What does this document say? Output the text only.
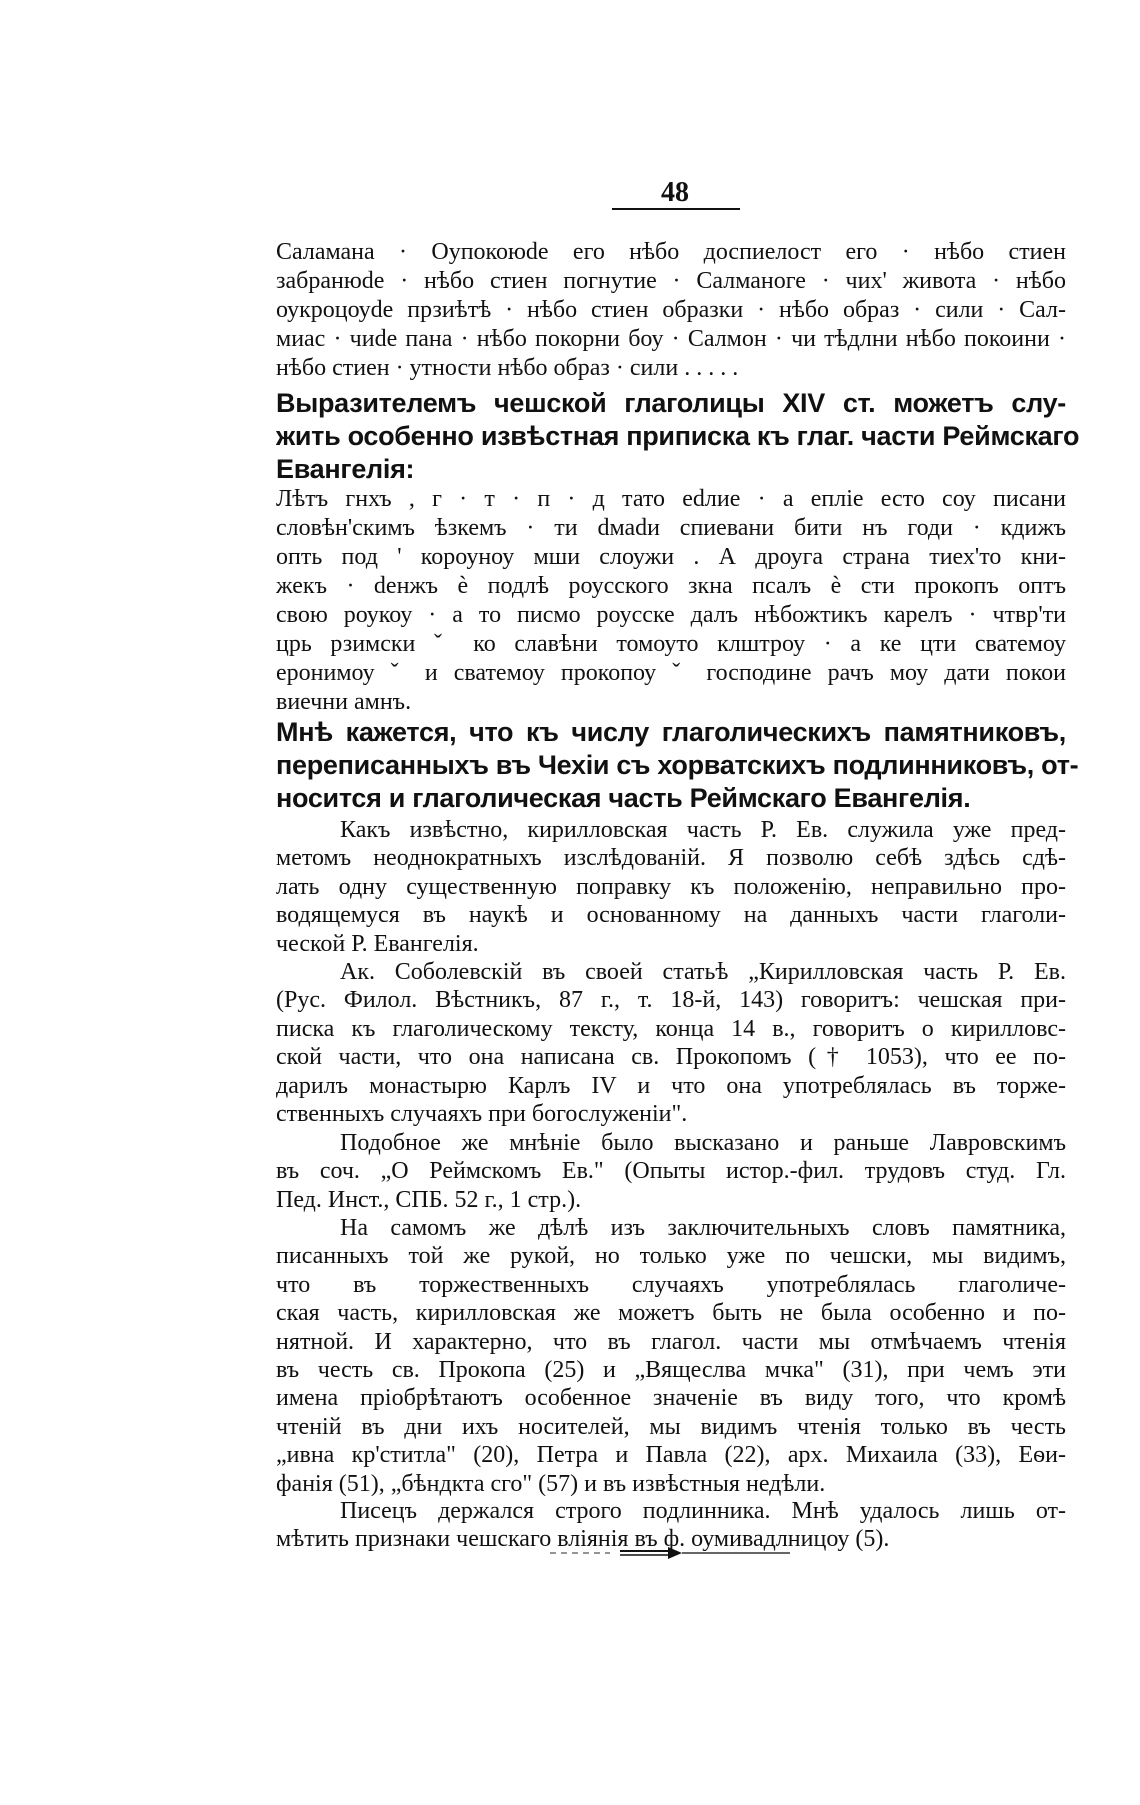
48
Саламана · Оупокоюdе его нѣбо доспиелост его · нѣбо стиен
забранюdе · нѣбо стиен погнутие · Салманоге · чих' живота · нѣбо
оукроцоуdе прзиѣтѣ · нѣбо стиен образки · нѣбо образ · сили · Сал-
миас · чиdе пана · нѣбо покорни боу · Салмон · чи тѣдлни нѣбо покоини ·
нѣбо стиен · утности нѣбо образ · сили . . . . .
Выразителемъ чешской глаголицы XIV ст. можетъ слу-
жить особенно извѣстная приписка къ глаг. части Реймскаго
Евангелія:
Лѣтъ гнхъ , г · т · п · д тато еdлие · а епліе есто соу писани
словѣн'скимъ ѣзкемъ · ти dмаdи спиевани бити нъ годи · кдижъ
опть под ' короуноу мши слоужи . А дроуга страна тиех'то кни-
жекъ · dенжъ ѐ подлѣ роусского зкна псалъ ѐ сти прокопъ оптъ
свою роукоу · а то писмо роусске далъ нѣбожтикъ карелъ · чтвр'ти
црь рзимски ˇ ко славѣни томоуто клштроу · а ке цти сватемоу
еронимоу ˇ и сватемоу прокопоу ˇ господине рачъ моу дати покои
виечни амнъ.
Мнѣ кажется, что къ числу глаголическихъ памятниковъ,
переписанныхъ въ Чехіи съ хорватскихъ подлинниковъ, от-
носится и глаголическая часть Реймскаго Евангелія.
Какъ извѣстно, кирилловская часть Р. Ев. служила уже пред-
метомъ неоднократныхъ изслѣдованій. Я позволю себѣ здѣсь сдѣ-
лать одну существенную поправку къ положенію, неправильно про-
водящемуся въ наукѣ и основанному на данныхъ части глаголи-
ческой Р. Евангелія.
Ак. Соболевскій въ своей статьѣ „Кирилловская часть Р. Ев.
(Рус. Филол. Вѣстникъ, 87 г., т. 18-й, 143) говоритъ: чешская при-
писка къ глаголическому тексту, конца 14 в., говоритъ о кирилловс-
ской части, что она написана св. Прокопомъ († 1053), что ее по-
дарилъ монастырю Карлъ IV и что она употреблялась въ торже-
ственныхъ случаяхъ при богослуженіи".
Подобное же мнѣніе было высказано и раньше Лавровскимъ
въ соч. „О Реймскомъ Ев." (Опыты истор.-фил. трудовъ студ. Гл.
Пед. Инст., СПБ. 52 г., 1 стр.).
На самомъ же дѣлѣ изъ заключительныхъ словъ памятника,
писанныхъ той же рукой, но только уже по чешски, мы видимъ,
что въ торжественныхъ случаяхъ употреблялась глаголиче-
ская часть, кирилловская же можетъ быть не была особенно и по-
нятной. И характерно, что въ глагол. части мы отмѣчаемъ чтенія
въ честь св. Прокопа (25) и „Вящеслва мчка" (31), при чемъ эти
имена пріобрѣтаютъ особенное значеніе въ виду того, что кромѣ
чтеній въ дни ихъ носителей, мы видимъ чтенія только въ честь
„ивна кр'ститла" (20), Петра и Павла (22), арх. Михаила (33), Еѳи-
фанія (51), „бѣндкта сго" (57) и въ извѣстныя недѣли.
Писецъ держался строго подлинника. Мнѣ удалось лишь от-
мѣтить признаки чешскаго вліянія въ ф. оумивадлницоу (5).
